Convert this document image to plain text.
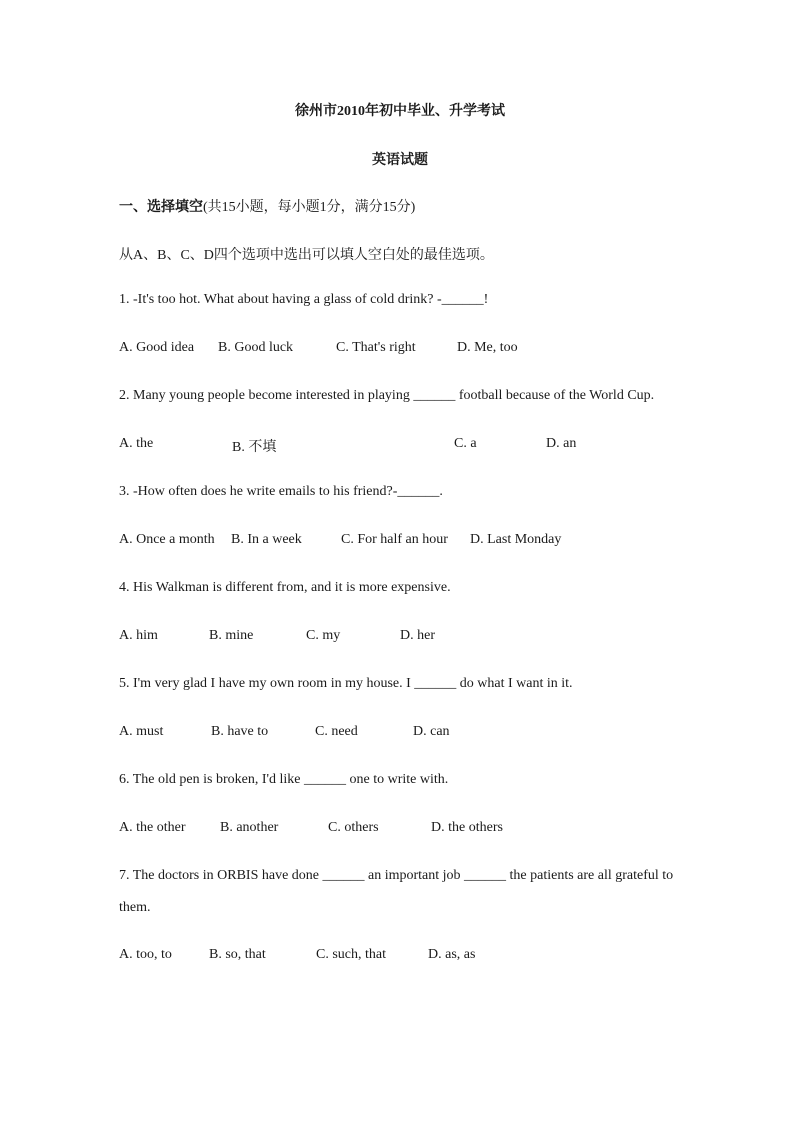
徐州市2010年初中毕业、升学考试
英语试题
一、选择填空(共15小题，每小题1分，满分15分)
从A、B、C、D四个选项中选出可以填人空白处的最佳选项。
1. -It's too hot. What about having a glass of cold drink? -______!
A. Good idea B. Good luck	C. That's right	D. Me, too
2. Many young people become interested in playing ______ football because of the World Cup.
A. the	B. 不填	C. a	D. an
3. -How often does he write emails to his friend?-______.
A. Once a month B. In a week	C. For half an hour D. Last Monday
4. His Walkman is different from, and it is more expensive.
A. him	B. mine	C. my	D. her
5. I'm very glad I have my own room in my house. I ______ do what I want in it.
A. must	B. have to	C. need	D. can
6. The old pen is broken, I'd like ______ one to write with.
A. the other B. another	C. others	D. the others
7. The doctors in ORBIS have done ______ an important job ______ the patients are all grateful to
them.
A. too, to	B. so, that	C. such, that	D. as, as
